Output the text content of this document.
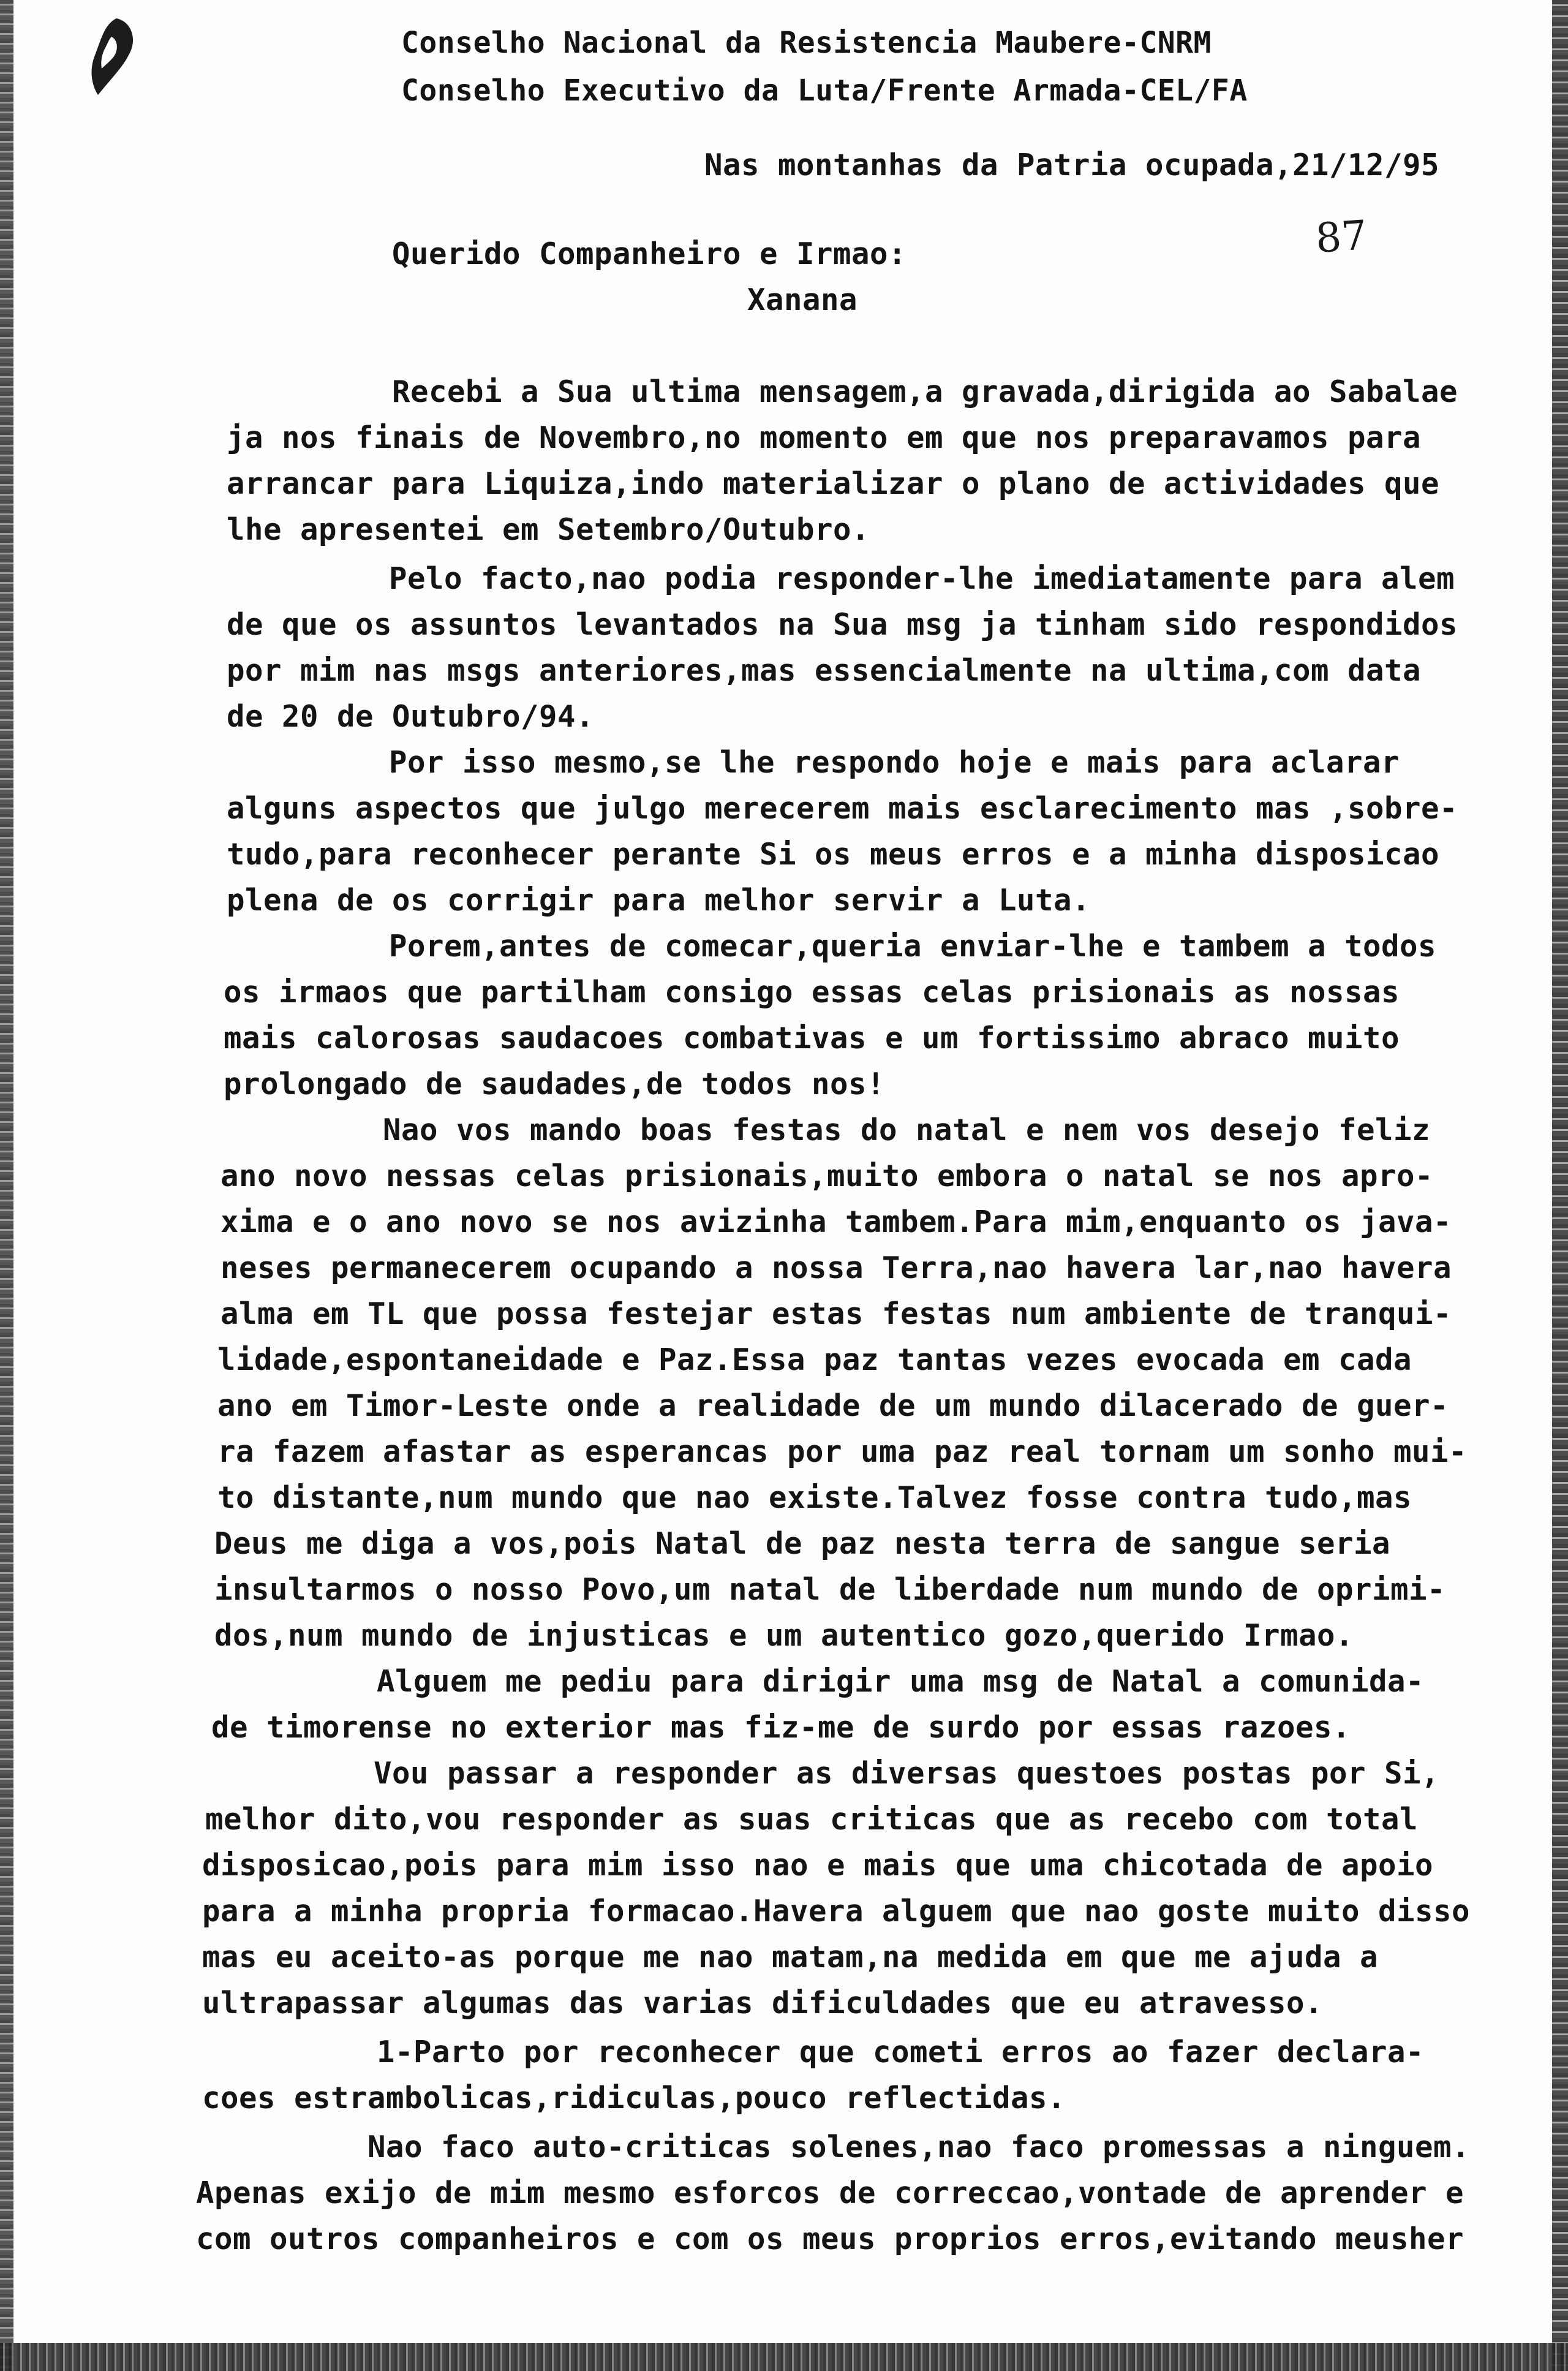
Conselho Nacional da Resistencia Maubere-CNRM
Conselho Executivo da Luta/Frente Armada-CEL/FA
Nas montanhas da Patria ocupada,21/12/95
87
Querido Companheiro e Irmao:
Xanana
Recebi a Sua ultima mensagem,a gravada,dirigida ao Sabalae
ja nos finais de Novembro,no momento em que nos preparavamos para
arrancar para Liquiza,indo materializar o plano de actividades que
lhe apresentei em Setembro/Outubro.
Pelo facto,nao podia responder-lhe imediatamente para alem
de que os assuntos levantados na Sua msg ja tinham sido respondidos
por mim nas msgs anteriores,mas essencialmente na ultima,com data
de 20 de Outubro/94.
Por isso mesmo,se lhe respondo hoje e mais para aclarar
alguns aspectos que julgo merecerem mais esclarecimento mas ,sobre-
tudo,para reconhecer perante Si os meus erros e a minha disposicao
plena de os corrigir para melhor servir a Luta.
Porem,antes de comecar,queria enviar-lhe e tambem a todos
os irmaos que partilham consigo essas celas prisionais as nossas
mais calorosas saudacoes combativas e um fortissimo abraco muito
prolongado de saudades,de todos nos!
Nao vos mando boas festas do natal e nem vos desejo feliz
ano novo nessas celas prisionais,muito embora o natal se nos apro-
xima e o ano novo se nos avizinha tambem.Para mim,enquanto os java-
neses permanecerem ocupando a nossa Terra,nao havera lar,nao havera
alma em TL que possa festejar estas festas num ambiente de tranqui-
lidade,espontaneidade e Paz.Essa paz tantas vezes evocada em cada
ano em Timor-Leste onde a realidade de um mundo dilacerado de guer-
ra fazem afastar as esperancas por uma paz real tornam um sonho mui-
to distante,num mundo que nao existe.Talvez fosse contra tudo,mas
Deus me diga a vos,pois Natal de paz nesta terra de sangue seria
insultarmos o nosso Povo,um natal de liberdade num mundo de oprimi-
dos,num mundo de injusticas e um autentico gozo,querido Irmao.
Alguem me pediu para dirigir uma msg de Natal a comunida-
de timorense no exterior mas fiz-me de surdo por essas razoes.
Vou passar a responder as diversas questoes postas por Si,
melhor dito,vou responder as suas criticas que as recebo com total
disposicao,pois para mim isso nao e mais que uma chicotada de apoio
para a minha propria formacao.Havera alguem que nao goste muito disso
mas eu aceito-as porque me nao matam,na medida em que me ajuda a
ultrapassar algumas das varias dificuldades que eu atravesso.
1-Parto por reconhecer que cometi erros ao fazer declara-
coes estrambolicas,ridiculas,pouco reflectidas.
Nao faco auto-criticas solenes,nao faco promessas a ninguem.
Apenas exijo de mim mesmo esforcos de correccao,vontade de aprender e
com outros companheiros e com os meus proprios erros,evitando meusher
